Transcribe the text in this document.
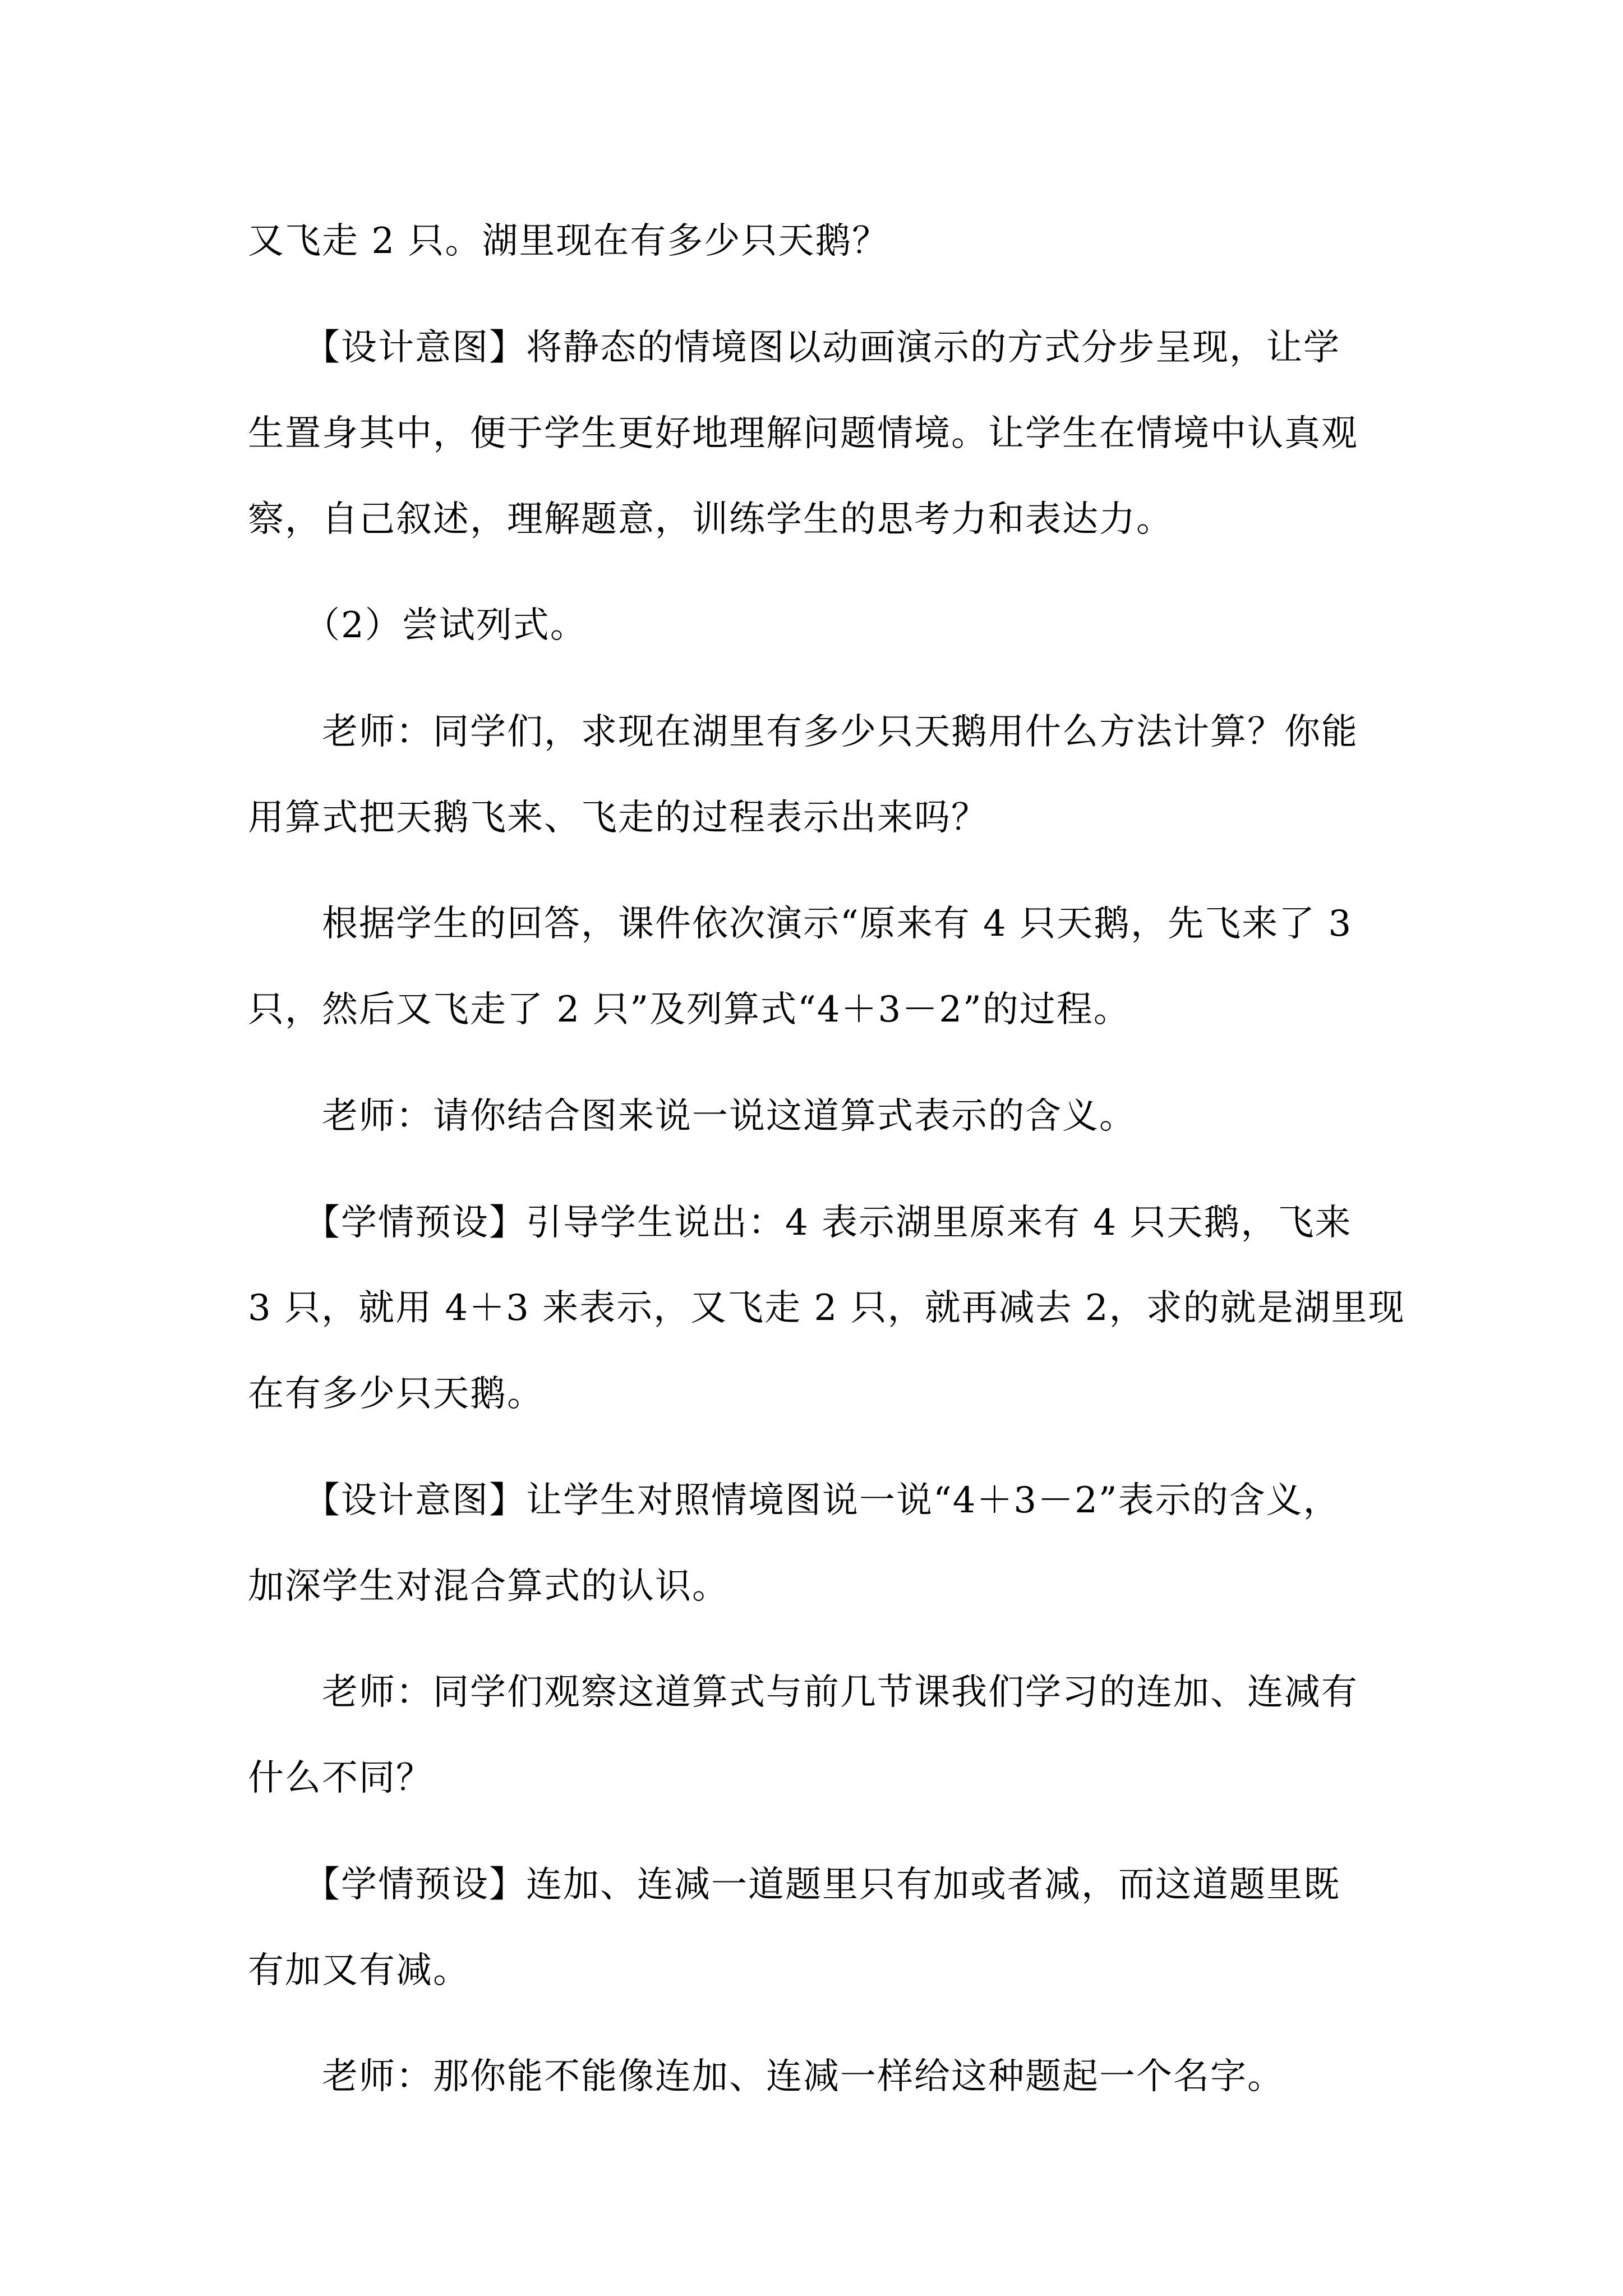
又飞走 2 只。湖里现在有多少只天鹅？
　　【设计意图】将静态的情境图以动画演示的方式分步呈现，让学
生置身其中，便于学生更好地理解问题情境。让学生在情境中认真观
察，自己叙述，理解题意，训练学生的思考力和表达力。
　　（2）尝试列式。
　　老师：同学们，求现在湖里有多少只天鹅用什么方法计算？你能
用算式把天鹅飞来、飞走的过程表示出来吗？
　　根据学生的回答，课件依次演示“原来有 4 只天鹅，先飞来了 3
只，然后又飞走了 2 只”及列算式“4＋3－2”的过程。
　　老师：请你结合图来说一说这道算式表示的含义。
　　【学情预设】引导学生说出：4 表示湖里原来有 4 只天鹅，飞来
3 只，就用 4＋3 来表示，又飞走 2 只，就再减去 2，求的就是湖里现
在有多少只天鹅。
　　【设计意图】让学生对照情境图说一说“4＋3－2”表示的含义，
加深学生对混合算式的认识。
　　老师：同学们观察这道算式与前几节课我们学习的连加、连减有
什么不同？
　　【学情预设】连加、连减一道题里只有加或者减，而这道题里既
有加又有减。
　　老师：那你能不能像连加、连减一样给这种题起一个名字。
